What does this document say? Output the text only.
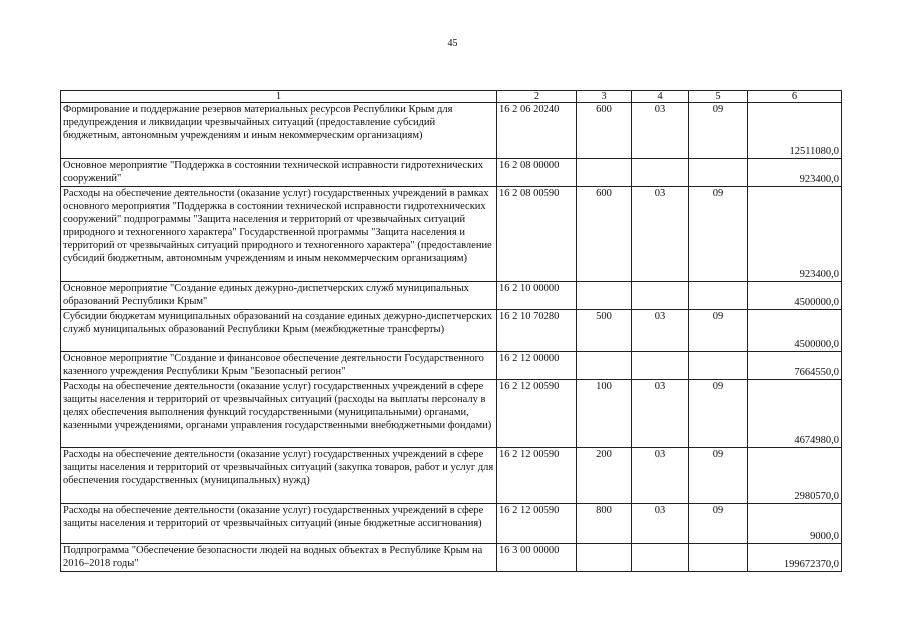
45
1	2	3	4	5	6
Формирование и поддержание резервов материальных ресурсов Республики Крым для предупреждения и ликвидации чрезвычайных ситуаций (предоставление субсидий бюджетным, автономным учреждениям и иным некоммерческим организациям)	16 2 06 20240	600	03	09	12511080,0
Основное мероприятие "Поддержка в состоянии технической исправности гидротехнических сооружений"	16 2 08 00000				923400,0
Расходы на обеспечение деятельности (оказание услуг) государственных учреждений в рамках основного мероприятия "Поддержка в состоянии технической исправности гидротехнических сооружений" подпрограммы "Защита населения и территорий от чрезвычайных ситуаций природного и техногенного характера" Государственной программы "Защита населения и территорий от чрезвычайных ситуаций природного и техногенного характера" (предоставление субсидий бюджетным, автономным учреждениям и иным некоммерческим организациям)	16 2 08 00590	600	03	09	923400,0
Основное мероприятие "Создание единых дежурно-диспетчерских служб муниципальных образований Республики Крым"	16 2 10 00000				4500000,0
Субсидии бюджетам муниципальных образований на создание единых дежурно-диспетчерских служб муниципальных образований Республики Крым (межбюджетные трансферты)	16 2 10 70280	500	03	09	4500000,0
Основное мероприятие "Создание и финансовое обеспечение деятельности Государственного казенного учреждения Республики Крым "Безопасный регион"	16 2 12 00000				7664550,0
Расходы на обеспечение деятельности (оказание услуг) государственных учреждений в сфере защиты населения и территорий от чрезвычайных ситуаций (расходы на выплаты персоналу в целях обеспечения выполнения функций государственными (муниципальными) органами, казенными учреждениями, органами управления государственными внебюджетными фондами)	16 2 12 00590	100	03	09	4674980,0
Расходы на обеспечение деятельности (оказание услуг) государственных учреждений в сфере защиты населения и территорий от чрезвычайных ситуаций (закупка товаров, работ и услуг для обеспечения государственных (муниципальных) нужд)	16 2 12 00590	200	03	09	2980570,0
Расходы на обеспечение деятельности (оказание услуг) государственных учреждений в сфере защиты населения и территорий от чрезвычайных ситуаций (иные бюджетные ассигнования)	16 2 12 00590	800	03	09	9000,0
Подпрограмма "Обеспечение безопасности людей на водных объектах в Республике Крым на 2016–2018 годы"	16 3 00 00000				199672370,0
